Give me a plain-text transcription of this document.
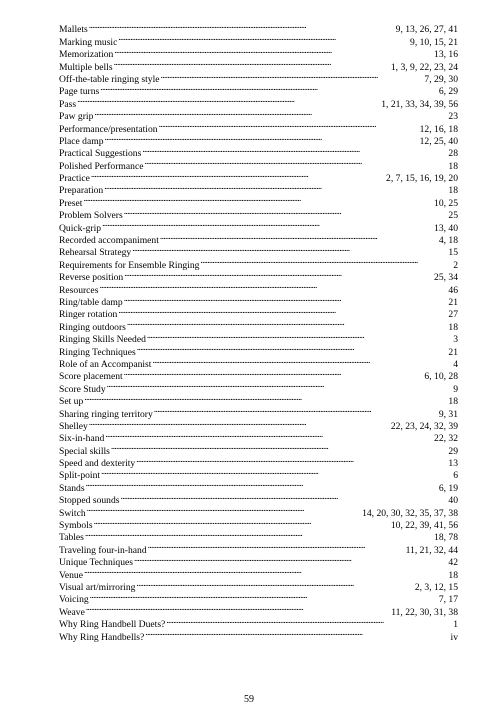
Mallets . . .	9, 13, 26, 27, 41
Marking music . . .	9, 10, 15, 21
Memorization . . .	13, 16
Multiple bells . . .	1, 3, 9, 22, 23, 24
Off-the-table ringing style . . .	7, 29, 30
Page turns . . .	6, 29
Pass . . .	1, 21, 33, 34, 39, 56
Paw grip . . .	23
Performance/presentation . . .	12, 16, 18
Place damp . . .	12, 25, 40
Practical Suggestions . . .	28
Polished Performance . . .	18
Practice . . .	2, 7, 15, 16, 19, 20
Preparation . . .	18
Preset . . .	10, 25
Problem Solvers . . .	25
Quick-grip . . .	13, 40
Recorded accompaniment . . .	4, 18
Rehearsal Strategy . . .	15
Requirements for Ensemble Ringing . . .	2
Reverse position . . .	25, 34
Resources . . .	46
Ring/table damp . . .	21
Ringer rotation . . .	27
Ringing outdoors . . .	18
Ringing Skills Needed . . .	3
Ringing Techniques . . .	21
Role of an Accompanist . . .	4
Score placement . . .	6, 10, 28
Score Study . . .	9
Set up . . .	18
Sharing ringing territory . . .	9, 31
Shelley . . .	22, 23, 24, 32, 39
Six-in-hand . . .	22, 32
Special skills . . .	29
Speed and dexterity . . .	13
Split-point . . .	6
Stands . . .	6, 19
Stopped sounds . . .	40
Switch . . .	14, 20, 30, 32, 35, 37, 38
Symbols . . .	10, 22, 39, 41, 56
Tables . . .	18, 78
Traveling four-in-hand . . .	11, 21, 32, 44
Unique Techniques . . .	42
Venue . . .	18
Visual art/mirroring . . .	2, 3, 12, 15
Voicing . . .	7, 17
Weave . . .	11, 22, 30, 31, 38
Why Ring Handbell Duets? . . .	1
Why Ring Handbells? . . .	iv
59
